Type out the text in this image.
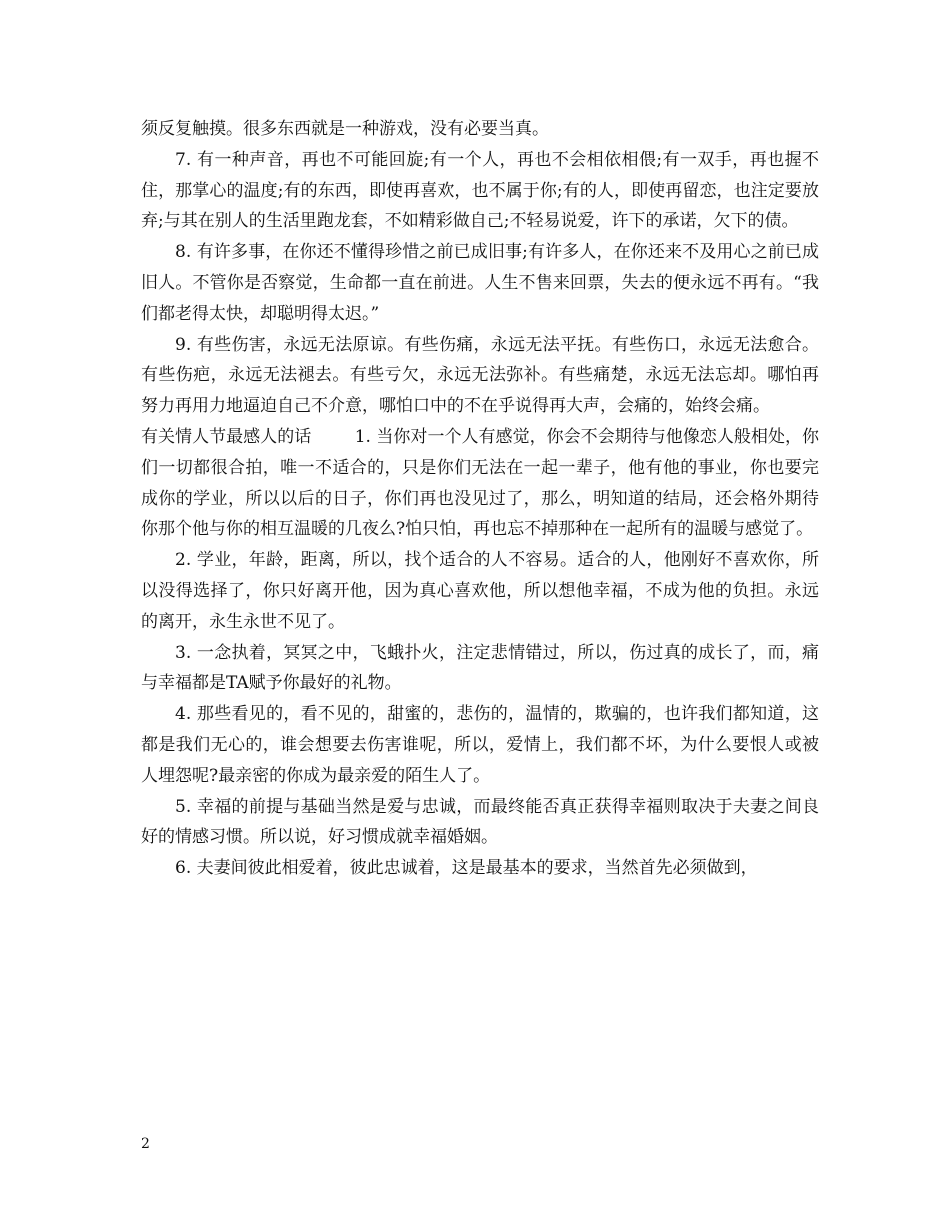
须反复触摸。很多东西就是一种游戏，没有必要当真。

7. 有一种声音，再也不可能回旋;有一个人，再也不会相依相偎;有一双手，再也握不住，那掌心的温度;有的东西，即使再喜欢，也不属于你;有的人，即使再留恋，也注定要放弃;与其在别人的生活里跑龙套，不如精彩做自己;不轻易说爱，许下的承诺，欠下的债。

8. 有许多事，在你还不懂得珍惜之前已成旧事;有许多人，在你还来不及用心之前已成旧人。不管你是否察觉，生命都一直在前进。人生不售来回票，失去的便永远不再有。“我们都老得太快，却聪明得太迟。”

9. 有些伤害，永远无法原谅。有些伤痛，永远无法平抚。有些伤口，永远无法愈合。有些伤疤，永远无法褪去。有些亏欠，永远无法弥补。有些痛楚，永远无法忘却。哪怕再努力再用力地逼迫自己不介意，哪怕口中的不在乎说得再大声，会痛的，始终会痛。

有关情人节最感人的话	1. 当你对一个人有感觉，你会不会期待与他像恋人般相处，你们一切都很合拍，唯一不适合的，只是你们无法在一起一辈子，他有他的事业，你也要完成你的学业，所以以后的日子，你们再也没见过了，那么，明知道的结局，还会格外期待你那个他与你的相互温暖的几夜么?怕只怕，再也忘不掉那种在一起所有的温暖与感觉了。

2. 学业，年龄，距离，所以，找个适合的人不容易。适合的人，他刚好不喜欢你，所以没得选择了，你只好离开他，因为真心喜欢他，所以想他幸福，不成为他的负担。永远的离开，永生永世不见了。

3. 一念执着，冥冥之中，飞蛾扑火，注定悲情错过，所以，伤过真的成长了，而，痛与幸福都是TA赋予你最好的礼物。

4. 那些看见的，看不见的，甜蜜的，悲伤的，温情的，欺骗的，也许我们都知道，这都是我们无心的，谁会想要去伤害谁呢，所以，爱情上，我们都不坏，为什么要恨人或被人埋怨呢?最亲密的你成为最亲爱的陌生人了。

5. 幸福的前提与基础当然是爱与忠诚，而最终能否真正获得幸福则取决于夫妻之间良好的情感习惯。所以说，好习惯成就幸福婚姻。

6. 夫妻间彼此相爱着，彼此忠诚着，这是最基本的要求，当然首先必须做到，

2
